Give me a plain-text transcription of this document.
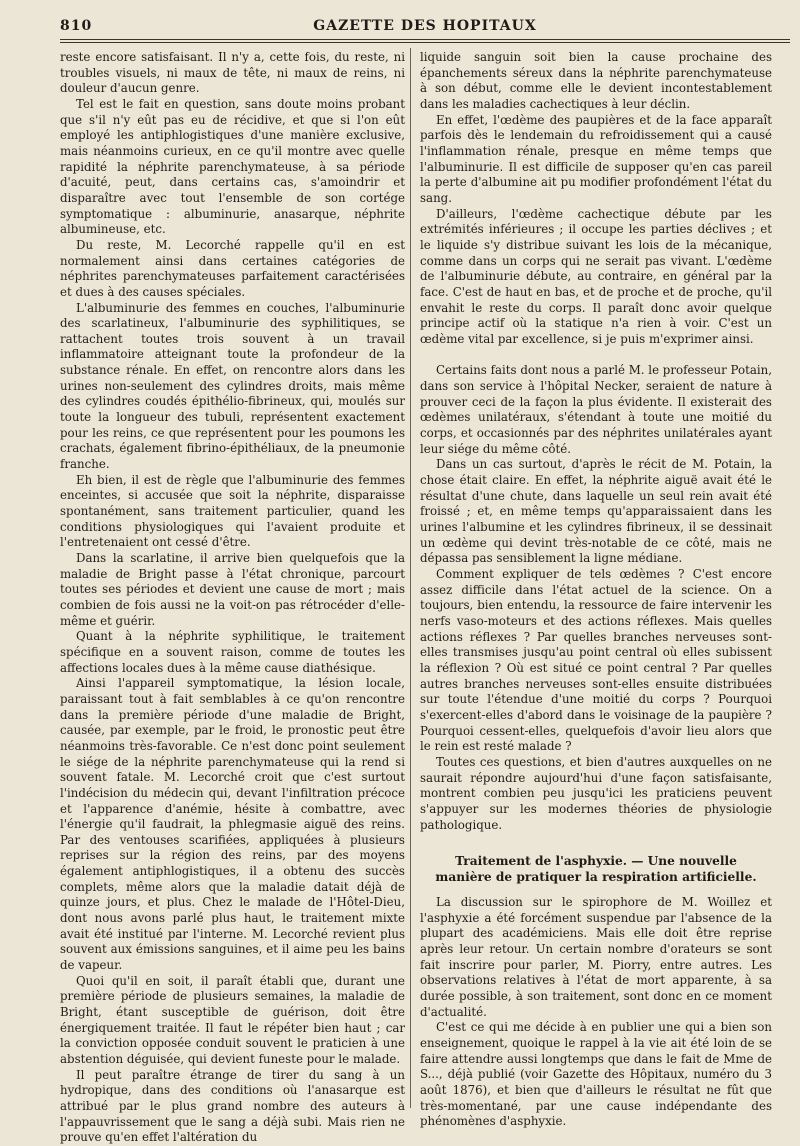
810	GAZETTE DES HOPITAUX

reste encore satisfaisant. Il n'y a, cette fois, du reste, ni troubles visuels, ni maux de tête, ni maux de reins, ni douleur d'aucun genre.

Tel est le fait en question, sans doute moins probant que s'il n'y eût pas eu de récidive, et que si l'on eût employé les antiphlogistiques d'une manière exclusive, mais néanmoins curieux, en ce qu'il montre avec quelle rapidité la néphrite parenchymateuse, à sa période d'acuité, peut, dans certains cas, s'amoindrir et disparaître avec tout l'ensemble de son cortége symptomatique : albuminurie, anasarque, néphrite albumineuse, etc.

Du reste, M. Lecorché rappelle qu'il en est normalement ainsi dans certaines catégories de néphrites parenchymateuses parfaitement caractérisées et dues à des causes spéciales.

L'albuminurie des femmes en couches, l'albuminurie des scarlatineux, l'albuminurie des syphilitiques, se rattachent toutes trois souvent à un travail inflammatoire atteignant toute la profondeur de la substance rénale. En effet, on rencontre alors dans les urines non-seulement des cylindres droits, mais même des cylindres coudés épithélio-fibrineux, qui, moulés sur toute la longueur des tubuli, représentent exactement pour les reins, ce que représentent pour les poumons les crachats, également fibrino-épithéliaux, de la pneumonie franche.

Eh bien, il est de règle que l'albuminurie des femmes enceintes, si accusée que soit la néphrite, disparaisse spontanément, sans traitement particulier, quand les conditions physiologiques qui l'avaient produite et l'entretenaient ont cessé d'être.

Dans la scarlatine, il arrive bien quelquefois que la maladie de Bright passe à l'état chronique, parcourt toutes ses périodes et devient une cause de mort ; mais combien de fois aussi ne la voit-on pas rétrocéder d'elle-même et guérir.

Quant à la néphrite syphilitique, le traitement spécifique en a souvent raison, comme de toutes les affections locales dues à la même cause diathésique.

Ainsi l'appareil symptomatique, la lésion locale, paraissant tout à fait semblables à ce qu'on rencontre dans la première période d'une maladie de Bright, causée, par exemple, par le froid, le pronostic peut être néanmoins très-favorable. Ce n'est donc point seulement le siége de la néphrite parenchymateuse qui la rend si souvent fatale. M. Lecorché croit que c'est surtout l'indécision du médecin qui, devant l'infiltration précoce et l'apparence d'anémie, hésite à combattre, avec l'énergie qu'il faudrait, la phlegmasie aiguë des reins. Par des ventouses scarifiées, appliquées à plusieurs reprises sur la région des reins, par des moyens également antiphlogistiques, il a obtenu des succès complets, même alors que la maladie datait déjà de quinze jours, et plus. Chez le malade de l'Hôtel-Dieu, dont nous avons parlé plus haut, le traitement mixte avait été institué par l'interne. M. Lecorché revient plus souvent aux émissions sanguines, et il aime peu les bains de vapeur.

Quoi qu'il en soit, il paraît établi que, durant une première période de plusieurs semaines, la maladie de Bright, étant susceptible de guérison, doit être énergiquement traitée. Il faut le répéter bien haut ; car la conviction opposée conduit souvent le praticien à une abstention déguisée, qui devient funeste pour le malade.

Il peut paraître étrange de tirer du sang à un hydropique, dans des conditions où l'anasarque est attribué par le plus grand nombre des auteurs à l'appauvrissement que le sang a déjà subi. Mais rien ne prouve qu'en effet l'altération du

liquide sanguin soit bien la cause prochaine des épanchements séreux dans la néphrite parenchymateuse à son début, comme elle le devient incontestablement dans les maladies cachectiques à leur déclin.

En effet, l'œdème des paupières et de la face apparaît parfois dès le lendemain du refroidissement qui a causé l'inflammation rénale, presque en même temps que l'albuminurie. Il est difficile de supposer qu'en cas pareil la perte d'albumine ait pu modifier profondément l'état du sang.

D'ailleurs, l'œdème cachectique débute par les extrémités inférieures ; il occupe les parties déclives ; et le liquide s'y distribue suivant les lois de la mécanique, comme dans un corps qui ne serait pas vivant. L'œdème de l'albuminurie débute, au contraire, en général par la face. C'est de haut en bas, et de proche et de proche, qu'il envahit le reste du corps. Il paraît donc avoir quelque principe actif où la statique n'a rien à voir. C'est un œdème vital par excellence, si je puis m'exprimer ainsi.

Certains faits dont nous a parlé M. le professeur Potain, dans son service à l'hôpital Necker, seraient de nature à prouver ceci de la façon la plus évidente. Il existerait des œdèmes unilatéraux, s'étendant à toute une moitié du corps, et occasionnés par des néphrites unilatérales ayant leur siége du même côté.

Dans un cas surtout, d'après le récit de M. Potain, la chose était claire. En effet, la néphrite aiguë avait été le résultat d'une chute, dans laquelle un seul rein avait été froissé ; et, en même temps qu'apparaissaient dans les urines l'albumine et les cylindres fibrineux, il se dessinait un œdème qui devint très-notable de ce côté, mais ne dépassa pas sensiblement la ligne médiane.

Comment expliquer de tels œdèmes ? C'est encore assez difficile dans l'état actuel de la science. On a toujours, bien entendu, la ressource de faire intervenir les nerfs vaso-moteurs et des actions réflexes. Mais quelles actions réflexes ? Par quelles branches nerveuses sont-elles transmises jusqu'au point central où elles subissent la réflexion ? Où est situé ce point central ? Par quelles autres branches nerveuses sont-elles ensuite distribuées sur toute l'étendue d'une moitié du corps ? Pourquoi s'exercent-elles d'abord dans le voisinage de la paupière ? Pourquoi cessent-elles, quelquefois d'avoir lieu alors que le rein est resté malade ?

Toutes ces questions, et bien d'autres auxquelles on ne saurait répondre aujourd'hui d'une façon satisfaisante, montrent combien peu jusqu'ici les praticiens peuvent s'appuyer sur les modernes théories de physiologie pathologique.

Traitement de l'asphyxie. — Une nouvelle manière de pratiquer la respiration artificielle.

La discussion sur le spirophore de M. Woillez et l'asphyxie a été forcément suspendue par l'absence de la plupart des académiciens. Mais elle doit être reprise après leur retour. Un certain nombre d'orateurs se sont fait inscrire pour parler, M. Piorry, entre autres. Les observations relatives à l'état de mort apparente, à sa durée possible, à son traitement, sont donc en ce moment d'actualité.

C'est ce qui me décide à en publier une qui a bien son enseignement, quoique le rappel à la vie ait été loin de se faire attendre aussi longtemps que dans le fait de Mme de S..., déjà publié (voir Gazette des Hôpitaux, numéro du 3 août 1876), et bien que d'ailleurs le résultat ne fût que très-momentané, par une cause indépendante des phénomènes d'asphyxie.
